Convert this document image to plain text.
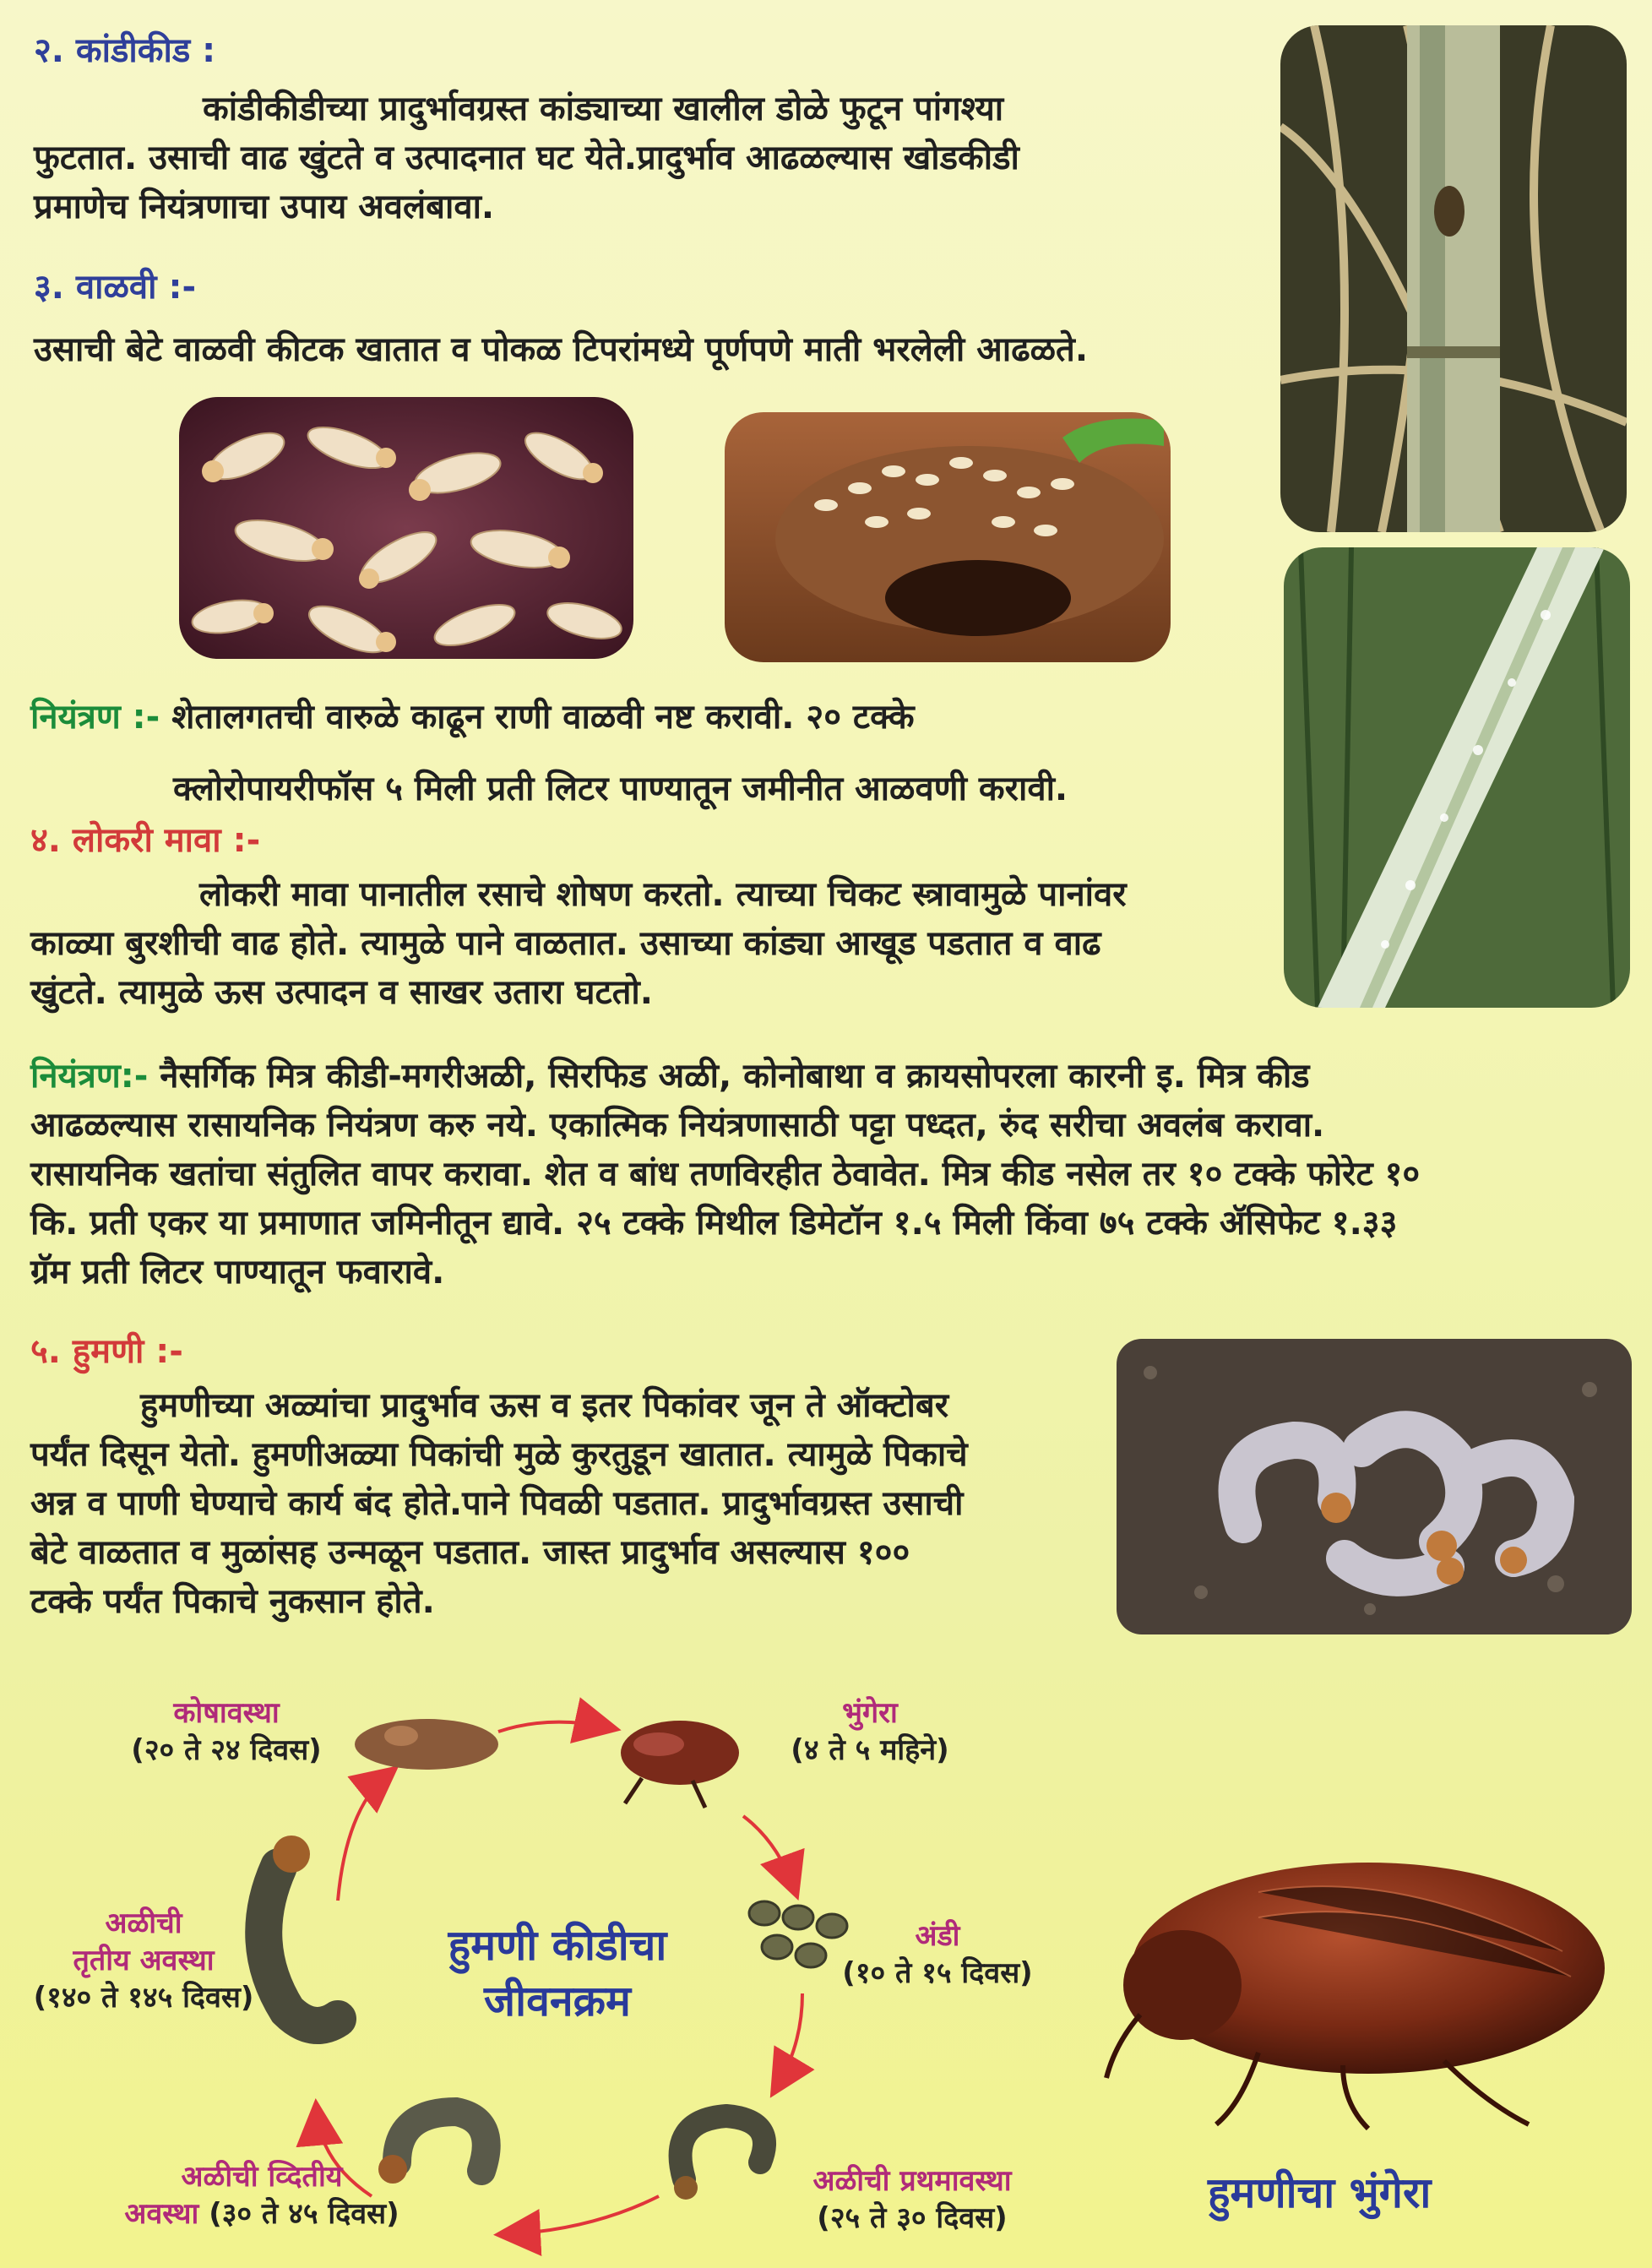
२. कांडीकीड :
कांडीकीडीच्या प्रादुर्भावग्रस्त कांड्याच्या खालील डोळे फुटून पांगश्या
फुटतात. उसाची वाढ खुंटते व उत्पादनात घट येते.प्रादुर्भाव आढळल्यास खोडकीडी
प्रमाणेच नियंत्रणाचा उपाय अवलंबावा.
३. वाळवी :-
उसाची बेटे वाळवी कीटक खातात व पोकळ टिपरांमध्ये पूर्णपणे माती भरलेली आढळते.
नियंत्रण :- शेतालगतची वारुळे काढून राणी वाळवी नष्ट करावी. २० टक्के
क्लोरोपायरीफॉस ५ मिली प्रती लिटर पाण्यातून जमीनीत आळवणी करावी.
४. लोकरी मावा :-
लोकरी मावा पानातील रसाचे शोषण करतो. त्याच्या चिकट स्त्रावामुळे पानांवर
काळ्या बुरशीची वाढ होते. त्यामुळे पाने वाळतात. उसाच्या कांड्या आखूड पडतात व वाढ
खुंटते. त्यामुळे ऊस उत्पादन व साखर उतारा घटतो.
नियंत्रण:- नैसर्गिक मित्र कीडी-मगरीअळी, सिरफिड अळी, कोनोबाथा व क्रायसोपरला कारनी इ. मित्र कीड
आढळल्यास रासायनिक नियंत्रण करु नये. एकात्मिक नियंत्रणासाठी पट्टा पध्दत, रुंद सरीचा अवलंब करावा.
रासायनिक खतांचा संतुलित वापर करावा. शेत व बांध तणविरहीत ठेवावेत. मित्र कीड नसेल तर १० टक्के फोरेट १०
कि. प्रती एकर या प्रमाणात जमिनीतून द्यावे. २५ टक्के मिथील डिमेटॉन १.५ मिली किंवा ७५ टक्के ॲसिफेट १.३३
ग्रॅम प्रती लिटर पाण्यातून फवारावे.
५. हुमणी :-
हुमणीच्या अळ्यांचा प्रादुर्भाव ऊस व इतर पिकांवर जून ते ऑक्टोबर
पर्यंत दिसून येतो. हुमणीअळ्या पिकांची मुळे कुरतुडून खातात. त्यामुळे पिकाचे
अन्न व पाणी घेण्याचे कार्य बंद होते.पाने पिवळी पडतात. प्रादुर्भावग्रस्त उसाची
बेटे वाळतात व मुळांसह उन्मळून पडतात. जास्त प्रादुर्भाव असल्यास १००
टक्के पर्यंत पिकाचे नुकसान होते.
कोषावस्था
(२० ते २४ दिवस)
भुंगेरा
(४ ते ५ महिने)
अंडी
(१० ते १५ दिवस)
अळीची प्रथमावस्था
(२५ ते ३० दिवस)
अळीची व्दितीय
अवस्था (३० ते ४५ दिवस)
अळीची
तृतीय अवस्था
(१४० ते १४५ दिवस)
हुमणी कीडीचा
जीवनक्रम
हुमणीचा भुंगेरा
